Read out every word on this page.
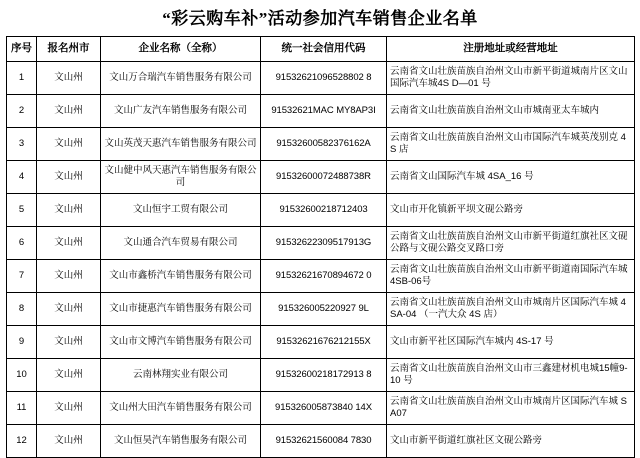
“彩云购车补”活动参加汽车销售企业名单
序号	报名州市	企业名称（全称）	统一社会信用代码	注册地址或经营地址
1	文山州	文山万合瑞汽车销售服务有限公司	91532621096528802 8	云南省文山壮族苗族自治州文山市新平街道城南片区文山国际汽车城4S D—01 号
2	文山州	文山广友汽车销售服务有限公司	91532621MAC MY8AP3I	云南省文山壮族苗族自治州文山市城南亚太车城内
3	文山州	文山英茂天惠汽车销售服务有限公司	91532600582376162A	云南省文山壮族苗族自治州文山市国际汽车城英茂别克 4S 店
4	文山州	文山健中风天惠汽车销售服务有限公司	91532600072488738R	云南省文山国际汽车城 4SA_16 号
5	文山州	文山恒宇工贸有限公司	91532600218712403	文山市开化镇新平坝文砚公路旁
6	文山州	文山通合汽车贸易有限公司	91532622309517913G	云南省文山壮族苗族自治州文山市新平街道红旗社区文砚公路与文砚公路交叉路口旁
7	文山州	文山市鑫桥汽车销售服务有限公司	91532621670894672 0	云南省文山壮族苗族自治州文山市新平街道南国际汽车城 4SB-06号
8	文山州	文山市捷惠汽车销售服务有限公司	915326005220927 9L	云南省文山壮族苗族自治州文山市城南片区国际汽车城 4SA-04 （一汽大众 4S 店）
9	文山州	文山市文博汽车销售服务有限公司	91532621676212155X	文山市新平社区国际汽车城内 4S-17 号
10	文山州	云南林翔实业有限公司	91532600218172913 8	云南省文山壮族苗族自治州文山市三鑫建材机电城15幢9-10 号
11	文山州	文山州大田汽车销售服务有限公司	915326005873840 14X	云南省文山壮族苗族自治州文山市城南片区国际汽车城 SA07
12	文山州	文山恒昊汽车销售服务有限公司	91532621560084 7830	文山市新平街道红旗社区文砚公路旁
